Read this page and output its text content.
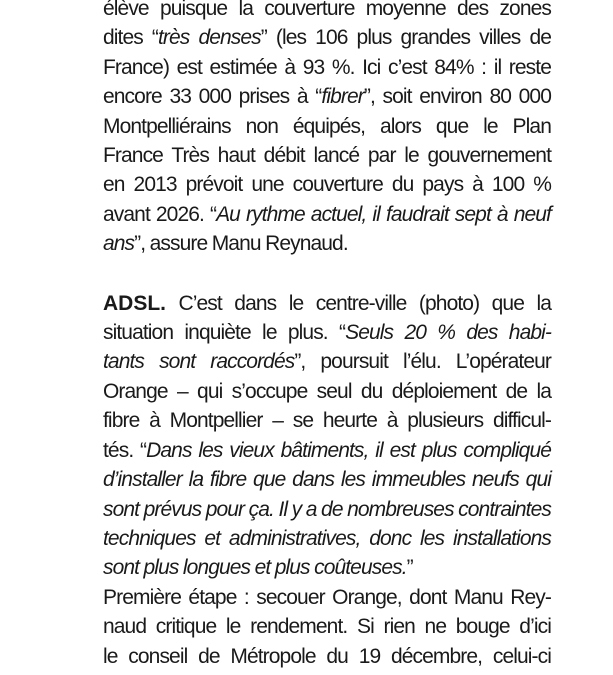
élève puisque la couverture moyenne des zones
dites “très denses” (les 106 plus grandes villes de
France) est estimée à 93 %. Ici c’est 84% : il reste
encore 33 000 prises à “fibrer”, soit environ 80 000
Montpelliérains non équipés, alors que le Plan
France Très haut débit lancé par le gouvernement
en 2013 prévoit une couverture du pays à 100 %
avant 2026. “Au rythme actuel, il faudrait sept à neuf
ans”, assure Manu Reynaud.
ADSL. C’est dans le centre-ville (photo) que la
situation inquiète le plus. “Seuls 20 % des habi-
tants sont raccordés”, poursuit l’élu. L’opérateur
Orange – qui s’occupe seul du déploiement de la
fibre à Montpellier – se heurte à plusieurs difficul-
tés. “Dans les vieux bâtiments, il est plus compliqué
d’installer la fibre que dans les immeubles neufs qui
sont prévus pour ça. Il y a de nombreuses contraintes
techniques et administratives, donc les installations
sont plus longues et plus coûteuses.”
Première étape : secouer Orange, dont Manu Rey-
naud critique le rendement. Si rien ne bouge d’ici
le conseil de Métropole du 19 décembre, celui-ci
